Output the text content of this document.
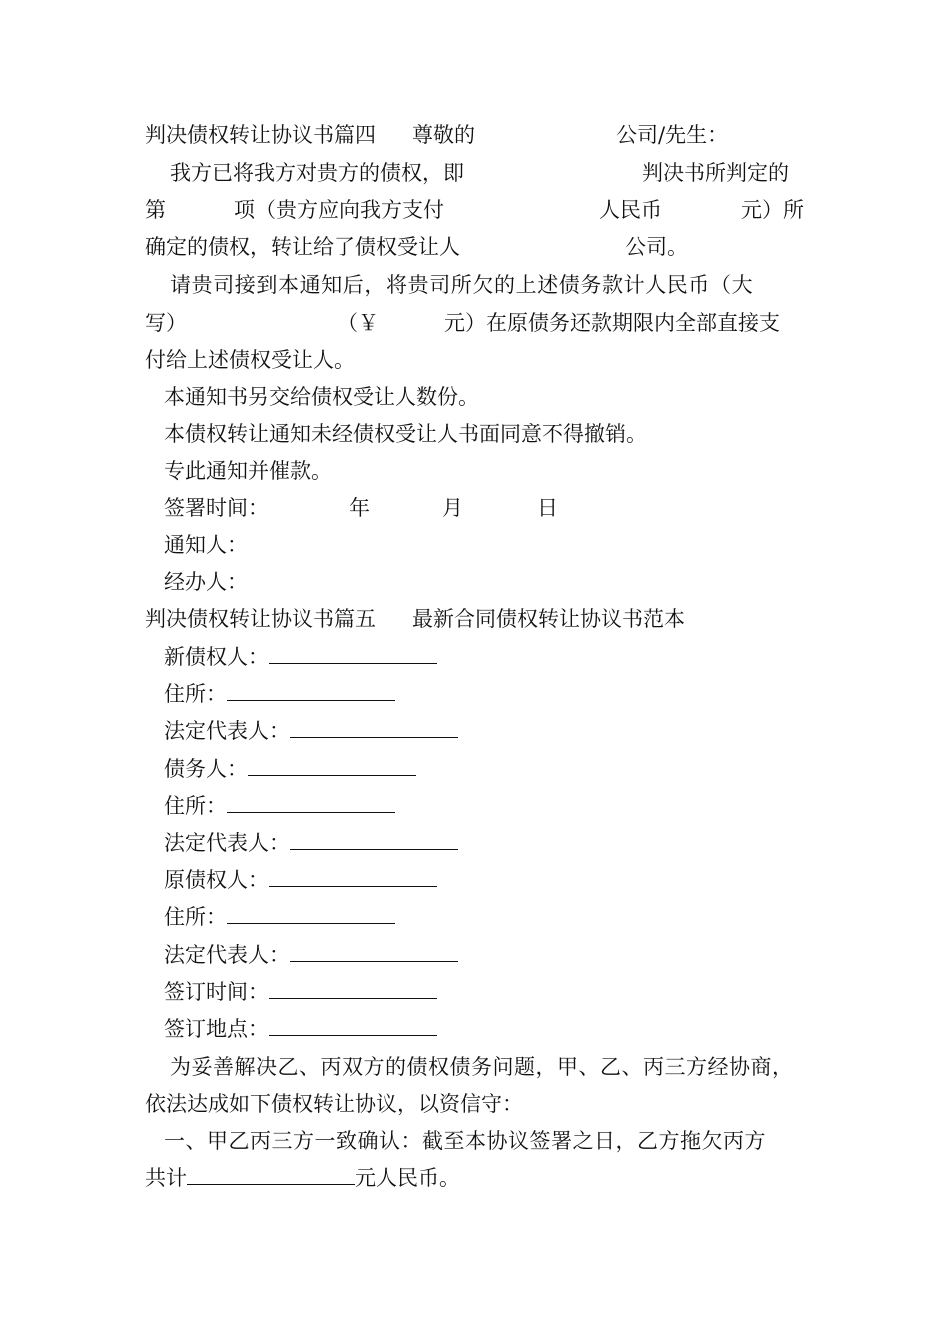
判决债权转让协议书篇四 尊敬的	公司/先生：
我方已将我方对贵方的债权，即	判决书所判定的
第	项（贵方应向我方支付	人民币	元）所
确定的债权，转让给了债权受让人	公司。
请贵司接到本通知后，将贵司所欠的上述债务款计人民币（大
写）	（￥	元）在原债务还款期限内全部直接支
付给上述债权受让人。
本通知书另交给债权受让人数份。
本债权转让通知未经债权受让人书面同意不得撤销。
专此通知并催款。
签署时间：	年	月	日
通知人：
经办人：
判决债权转让协议书篇五 最新合同债权转让协议书范本
新债权人：
住所：
法定代表人：
债务人：
住所：
法定代表人：
原债权人：
住所：
法定代表人：
签订时间：
签订地点：
为妥善解决乙、丙双方的债权债务问题，甲、乙、丙三方经协商，
依法达成如下债权转让协议，以资信守：
一、甲乙丙三方一致确认：截至本协议签署之日，乙方拖欠丙方
共计	元人民币。
